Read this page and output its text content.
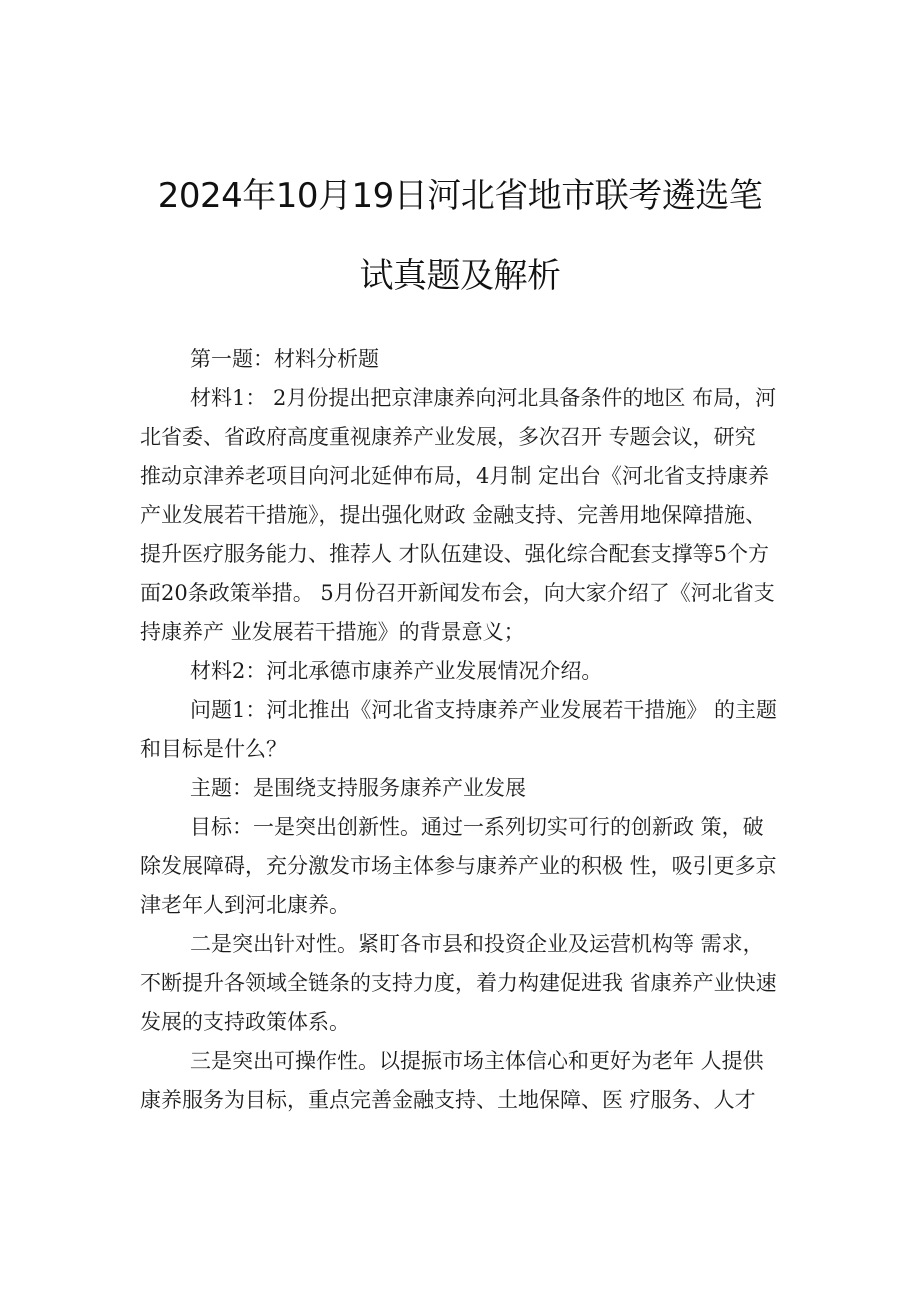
2024年10月19日河北省地市联考遴选笔
试真题及解析
第一题：材料分析题
材料1： 2月份提出把京津康养向河北具备条件的地区 布局，河
北省委、省政府高度重视康养产业发展，多次召开 专题会议，研究
推动京津养老项目向河北延伸布局，4月制 定出台《河北省支持康养
产业发展若干措施》，提出强化财政 金融支持、完善用地保障措施、
提升医疗服务能力、推荐人 才队伍建设、强化综合配套支撑等5个方
面20条政策举措。 5月份召开新闻发布会，向大家介绍了《河北省支
持康养产 业发展若干措施》的背景意义；
材料2：河北承德市康养产业发展情况介绍。
问题1：河北推出《河北省支持康养产业发展若干措施》 的主题
和目标是什么？
主题：是围绕支持服务康养产业发展
目标：一是突出创新性。通过一系列切实可行的创新政 策，破
除发展障碍，充分激发市场主体参与康养产业的积极 性，吸引更多京
津老年人到河北康养。
二是突出针对性。紧盯各市县和投资企业及运营机构等 需求，
不断提升各领域全链条的支持力度，着力构建促进我 省康养产业快速
发展的支持政策体系。
三是突出可操作性。以提振市场主体信心和更好为老年 人提供
康养服务为目标，重点完善金融支持、土地保障、医 疗服务、人才
